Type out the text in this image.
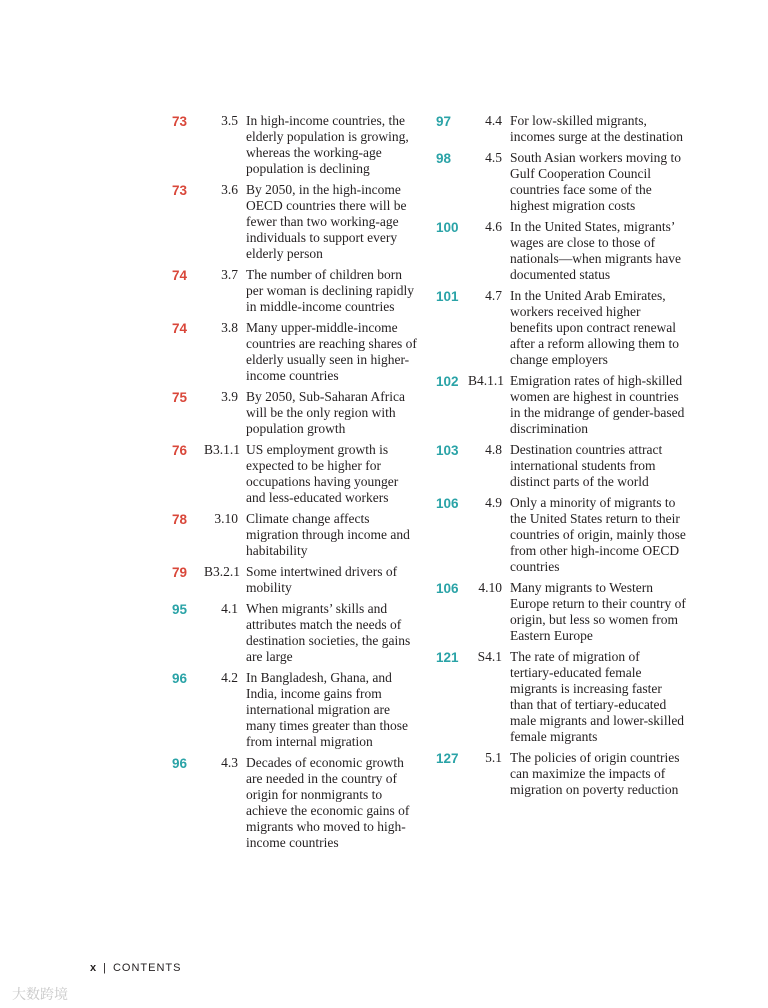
73	3.5 In high-income countries, the elderly population is growing, whereas the working-age population is declining
73	3.6 By 2050, in the high-income OECD countries there will be fewer than two working-age individuals to support every elderly person
74	3.7 The number of children born per woman is declining rapidly in middle-income countries
74	3.8 Many upper-middle-income countries are reaching shares of elderly usually seen in higher-income countries
75	3.9 By 2050, Sub-Saharan Africa will be the only region with population growth
76	B3.1.1 US employment growth is expected to be higher for occupations having younger and less-educated workers
78	3.10 Climate change affects migration through income and habitability
79	B3.2.1 Some intertwined drivers of mobility
95	4.1 When migrants’ skills and attributes match the needs of destination societies, the gains are large
96	4.2 In Bangladesh, Ghana, and India, income gains from international migration are many times greater than those from internal migration
96	4.3 Decades of economic growth are needed in the country of origin for nonmigrants to achieve the economic gains of migrants who moved to high-income countries
97	4.4 For low-skilled migrants, incomes surge at the destination
98	4.5 South Asian workers moving to Gulf Cooperation Council countries face some of the highest migration costs
100	4.6 In the United States, migrants’ wages are close to those of nationals—when migrants have documented status
101	4.7 In the United Arab Emirates, workers received higher benefits upon contract renewal after a reform allowing them to change employers
102 B4.1.1 Emigration rates of high-skilled women are highest in countries in the midrange of gender-based discrimination
103	4.8 Destination countries attract international students from distinct parts of the world
106	4.9 Only a minority of migrants to the United States return to their countries of origin, mainly those from other high-income OECD countries
106	4.10 Many migrants to Western Europe return to their country of origin, but less so women from Eastern Europe
121	S4.1 The rate of migration of tertiary-educated female migrants is increasing faster than that of tertiary-educated male migrants and lower-skilled female migrants
127	5.1 The policies of origin countries can maximize the impacts of migration on poverty reduction
x | CONTENTS
大数跨境
